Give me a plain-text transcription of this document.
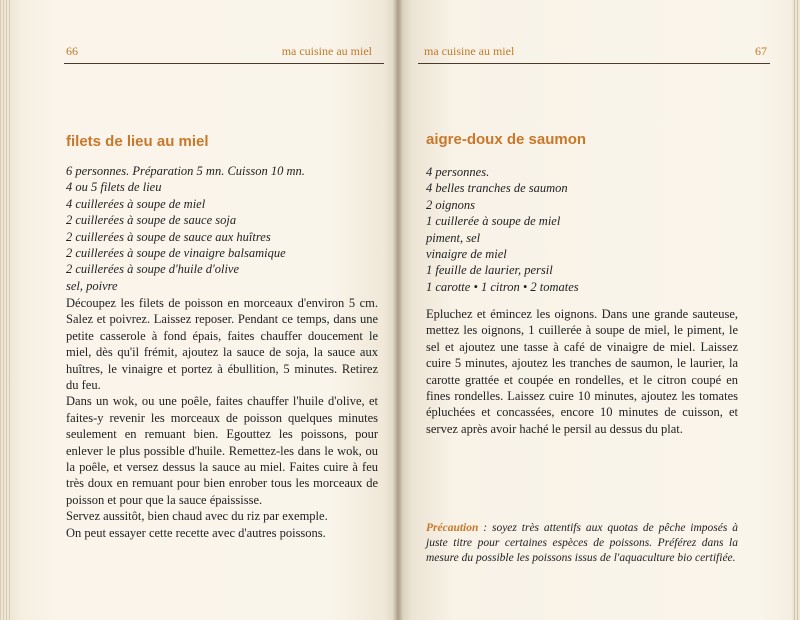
66	ma cuisine au miel
filets de lieu au miel
6 personnes. Préparation 5 mn. Cuisson 10 mn.
4 ou 5 filets de lieu
4 cuillerées à soupe de miel
2 cuillerées à soupe de sauce soja
2 cuillerées à soupe de sauce aux huîtres
2 cuillerées à soupe de vinaigre balsamique
2 cuillerées à soupe d'huile d'olive
sel, poivre

Découpez les filets de poisson en morceaux d'environ 5 cm. Salez et poivrez. Laissez reposer. Pendant ce temps, dans une petite casserole à fond épais, faites chauffer doucement le miel, dès qu'il frémit, ajoutez la sauce de soja, la sauce aux huîtres, le vinaigre et portez à ébullition, 5 minutes. Retirez du feu.

Dans un wok, ou une poêle, faites chauffer l'huile d'olive, et faites-y revenir les morceaux de poisson quelques minutes seulement en remuant bien. Egouttez les poissons, pour enlever le plus possible d'huile. Remettez-les dans le wok, ou la poêle, et versez dessus la sauce au miel. Faites cuire à feu très doux en remuant pour bien enrober tous les morceaux de poisson et pour que la sauce épaississe.

Servez aussitôt, bien chaud avec du riz par exemple.

On peut essayer cette recette avec d'autres poissons.

ma cuisine au miel	67
aigre-doux de saumon
4 personnes.
4 belles tranches de saumon
2 oignons
1 cuillerée à soupe de miel
piment, sel
vinaigre de miel
1 feuille de laurier, persil
1 carotte • 1 citron • 2 tomates

Epluchez et émincez les oignons. Dans une grande sauteuse, mettez les oignons, 1 cuillerée à soupe de miel, le piment, le sel et ajoutez une tasse à café de vinaigre de miel. Laissez cuire 5 minutes, ajoutez les tranches de saumon, le laurier, la carotte grattée et coupée en rondelles, et le citron coupé en fines rondelles. Laissez cuire 10 minutes, ajoutez les tomates épluchées et concassées, encore 10 minutes de cuisson, et servez après avoir haché le persil au dessus du plat.

Précaution : soyez très attentifs aux quotas de pêche imposés à juste titre pour certaines espèces de poissons. Préférez dans la mesure du possible les poissons issus de l'aquaculture bio certifiée.
